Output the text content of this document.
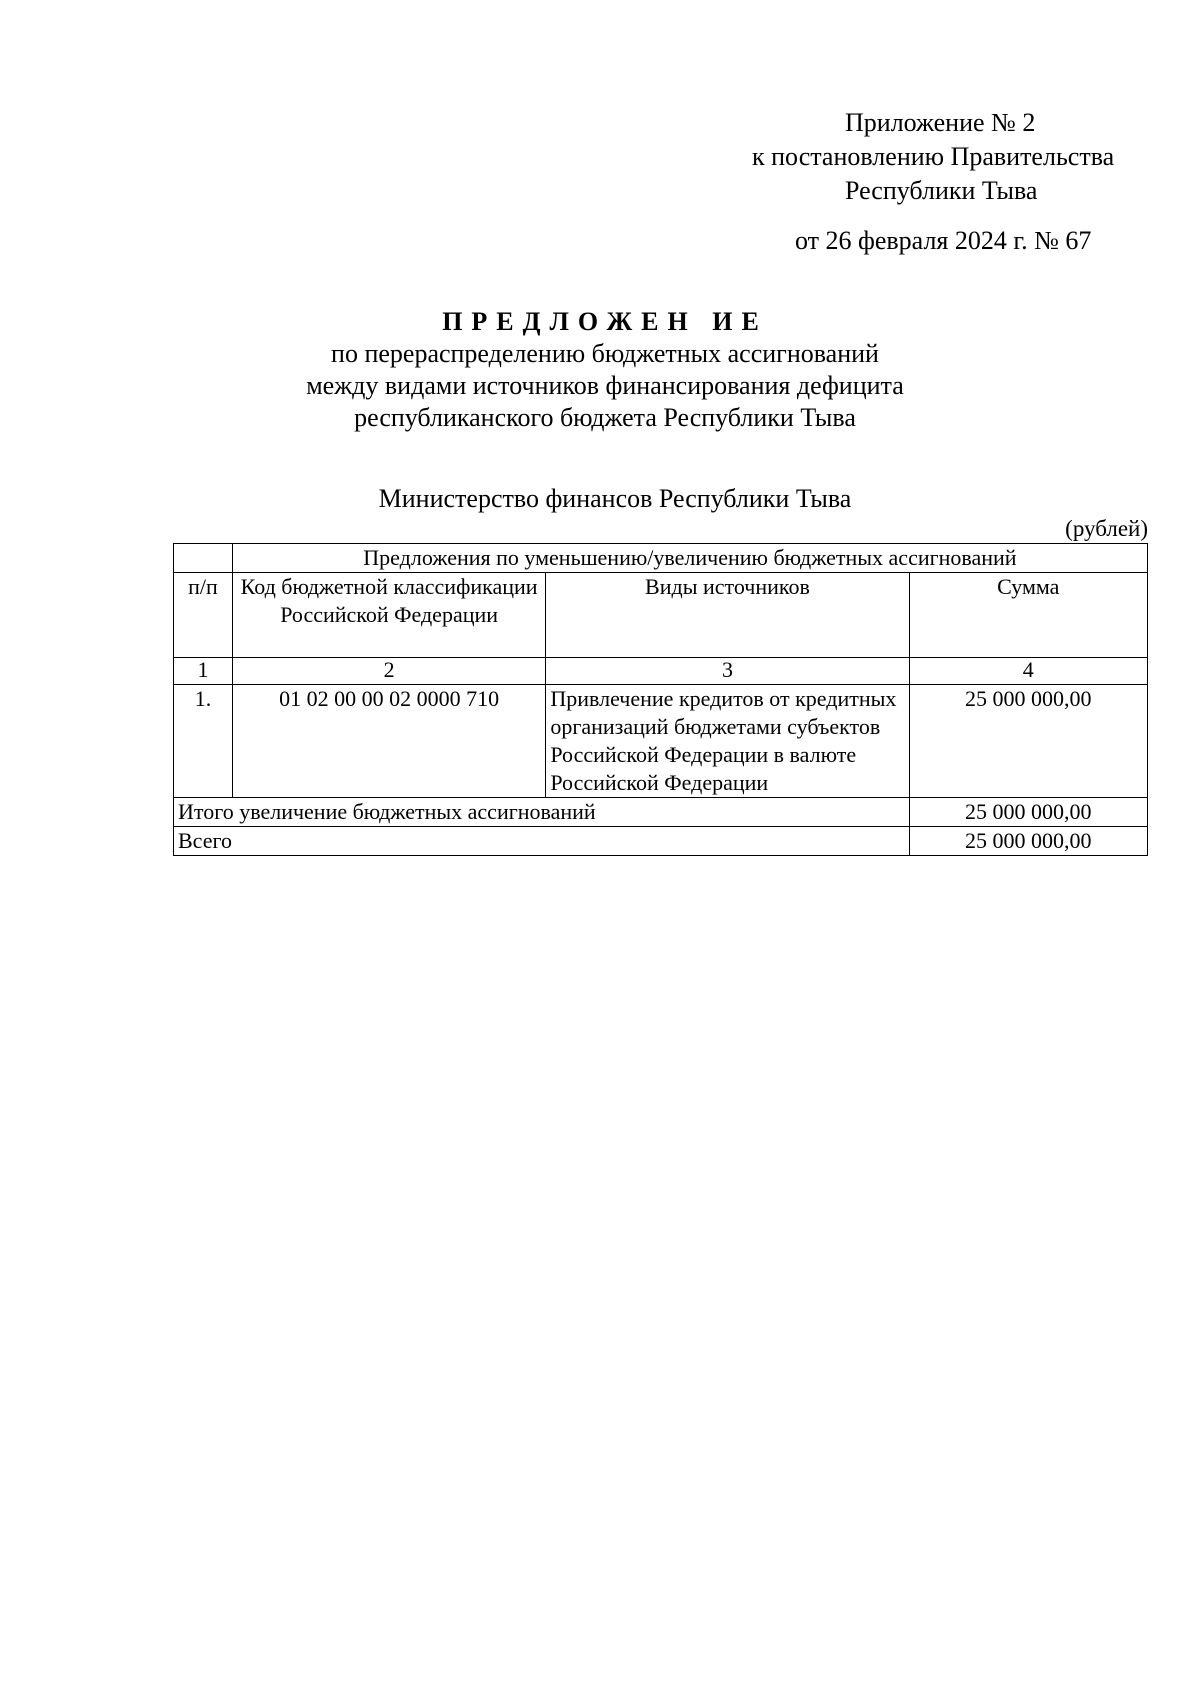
Приложение № 2
к постановлению Правительства
Республики Тыва
от 26 февраля 2024 г. № 67
ПРЕДЛОЖЕН ИЕ
по перераспределению бюджетных ассигнований
между видами источников финансирования дефицита
республиканского бюджета Республики Тыва
Министерство финансов Республики Тыва
(рублей)
	Предложения по уменьшению/увеличению бюджетных ассигнований		
п/п	Код бюджетной классификации Российской Федерации	Виды источников	Сумма
1	2	3	4
1.	01 02 00 00 02 0000 710	Привлечение кредитов от кредитных организаций бюджетами субъектов Российской Федерации в валюте Российской Федерации	25 000 000,00
Итого увеличение бюджетных ассигнований			25 000 000,00
Всего			25 000 000,00
